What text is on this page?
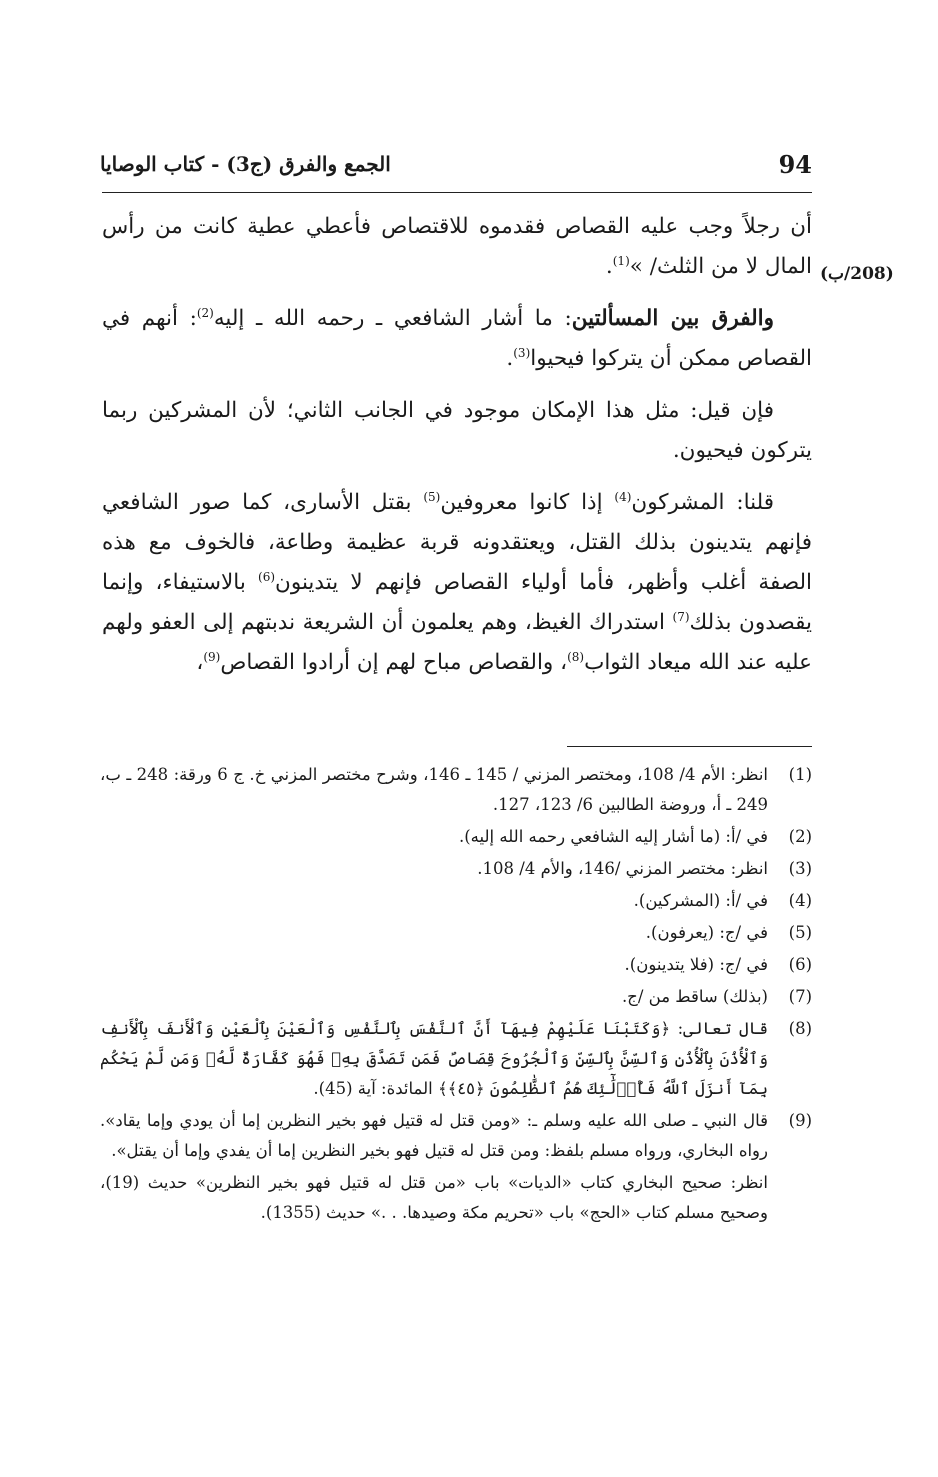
94
الجمع والفرق (ج3) - كتاب الوصايا
(208/ب)

أن رجلاً وجب عليه القصاص فقدموه للاقتصاص فأعطي عطية كانت من رأس المال لا من الثلث/ »$^{(1)}$.

والفرق بين المسألتين: ما أشار الشافعي ـ رحمه الله ـ إليه$^{(2)}$: أنهم في القصاص ممكن أن يتركوا فيحيوا$^{(3)}$.

فإن قيل: مثل هذا الإمكان موجود في الجانب الثاني؛ لأن المشركين ربما يتركون فيحيون.

قلنا: المشركون$^{(4)}$ إذا كانوا معروفين$^{(5)}$ بقتل الأسارى، كما صور الشافعي فإنهم يتدينون بذلك القتل، ويعتقدونه قربة عظيمة وطاعة، فالخوف مع هذه الصفة أغلب وأظهر، فأما أولياء القصاص فإنهم لا يتدينون$^{(6)}$ بالاستيفاء، وإنما يقصدون بذلك$^{(7)}$ استدراك الغيظ، وهم يعلمون أن الشريعة ندبتهم إلى العفو ولهم عليه عند الله ميعاد الثواب$^{(8)}$، والقصاص مباح لهم إن أرادوا القصاص$^{(9)}$،

(1)
انظر: الأم 4/ 108، ومختصر المزني / 145 ـ 146، وشرح مختصر المزني خ. ج 6 ورقة: 248 ـ ب، 249 ـ أ، وروضة الطالبين 6/ 123، 127.
(2)
في /أ: (ما أشار إليه الشافعي رحمه الله إليه).
(3)
انظر: مختصر المزني /146، والأم 4/ 108.
(4)
في /أ: (المشركين).
(5)
في /ج: (يعرفون).
(6)
في /ج: (فلا يتدينون).
(7)
(بذلك) ساقط من /ج.
(8)
قال تعالى: ﴿وَكَتَبْنَا عَلَيْهِمْ فِيهَآ أَنَّ ٱلنَّفْسَ بِٱلنَّفْسِ وَٱلْعَيْنَ بِٱلْعَيْنِ وَٱلْأَنفَ بِٱلْأَنفِ وَٱلْأُذُنَ بِٱلْأُذُنِ وَٱلسِّنَّ بِٱلسِّنِّ وَٱلْجُرُوحَ قِصَاصٌ فَمَن تَصَدَّقَ بِهِۦ فَهُوَ كَفَّارَةٌ لَّهُۥ وَمَن لَّمْ يَحْكُم بِمَآ أَنزَلَ ٱللَّهُ فَأُو۟لَٰٓئِكَ هُمُ ٱلظَّٰلِمُونَ ﴿٤٥﴾﴾ المائدة: آية (45).
(9)
قال النبي ـ صلى الله عليه وسلم ـ: «ومن قتل له قتيل فهو بخير النظرين إما أن يودي وإما يقاد». رواه البخاري، ورواه مسلم بلفظ: ومن قتل له قتيل فهو بخير النظرين إما أن يفدي وإما أن يقتل».
انظر: صحيح البخاري كتاب «الديات» باب «من قتل له قتيل فهو بخير النظرين» حديث (19)، وصحيح مسلم كتاب «الحج» باب «تحريم مكة وصيدها. . .» حديث (1355).
